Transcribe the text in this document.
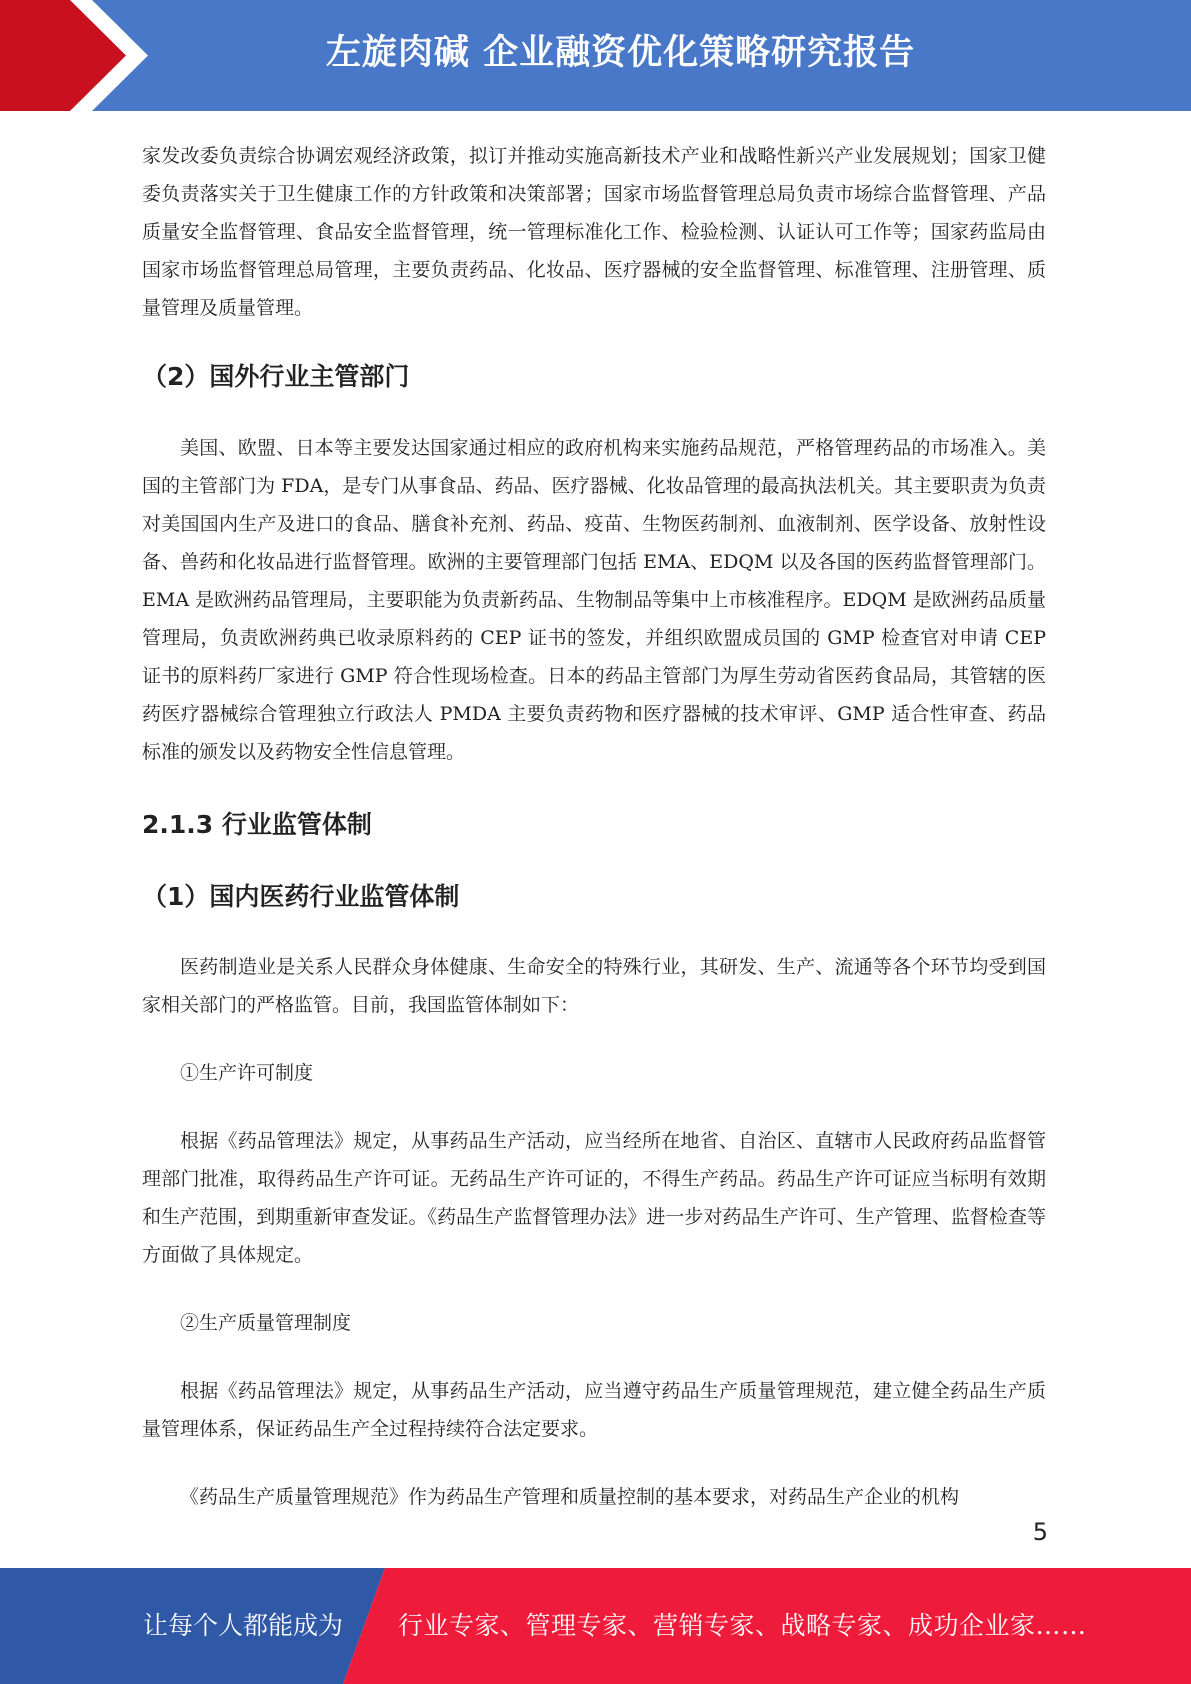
左旋肉碱 企业融资优化策略研究报告

家发改委负责综合协调宏观经济政策，拟订并推动实施高新技术产业和战略性新兴产业发展规划；国家卫健委负责落实关于卫生健康工作的方针政策和决策部署；国家市场监督管理总局负责市场综合监督管理、产品质量安全监督管理、食品安全监督管理，统一管理标准化工作、检验检测、认证认可工作等；国家药监局由国家市场监督管理总局管理，主要负责药品、化妆品、医疗器械的安全监督管理、标准管理、注册管理、质量管理及质量管理。

（2）国外行业主管部门

美国、欧盟、日本等主要发达国家通过相应的政府机构来实施药品规范，严格管理药品的市场准入。美国的主管部门为 FDA，是专门从事食品、药品、医疗器械、化妆品管理的最高执法机关。其主要职责为负责对美国国内生产及进口的食品、膳食补充剂、药品、疫苗、生物医药制剂、血液制剂、医学设备、放射性设备、兽药和化妆品进行监督管理。欧洲的主要管理部门包括 EMA、EDQM 以及各国的医药监督管理部门。EMA 是欧洲药品管理局，主要职能为负责新药品、生物制品等集中上市核准程序。EDQM 是欧洲药品质量管理局，负责欧洲药典已收录原料药的 CEP 证书的签发，并组织欧盟成员国的 GMP 检查官对申请 CEP 证书的原料药厂家进行 GMP 符合性现场检查。日本的药品主管部门为厚生劳动省医药食品局，其管辖的医药医疗器械综合管理独立行政法人 PMDA 主要负责药物和医疗器械的技术审评、GMP 适合性审查、药品标准的颁发以及药物安全性信息管理。

2.1.3 行业监管体制

（1）国内医药行业监管体制

医药制造业是关系人民群众身体健康、生命安全的特殊行业，其研发、生产、流通等各个环节均受到国家相关部门的严格监管。目前，我国监管体制如下：

①生产许可制度

根据《药品管理法》规定，从事药品生产活动，应当经所在地省、自治区、直辖市人民政府药品监督管理部门批准，取得药品生产许可证。无药品生产许可证的，不得生产药品。药品生产许可证应当标明有效期和生产范围，到期重新审查发证。《药品生产监督管理办法》进一步对药品生产许可、生产管理、监督检查等方面做了具体规定。

②生产质量管理制度

根据《药品管理法》规定，从事药品生产活动，应当遵守药品生产质量管理规范，建立健全药品生产质量管理体系，保证药品生产全过程持续符合法定要求。

《药品生产质量管理规范》作为药品生产管理和质量控制的基本要求，对药品生产企业的机构

5
让每个人都能成为 行业专家、管理专家、营销专家、战略专家、成功企业家……
